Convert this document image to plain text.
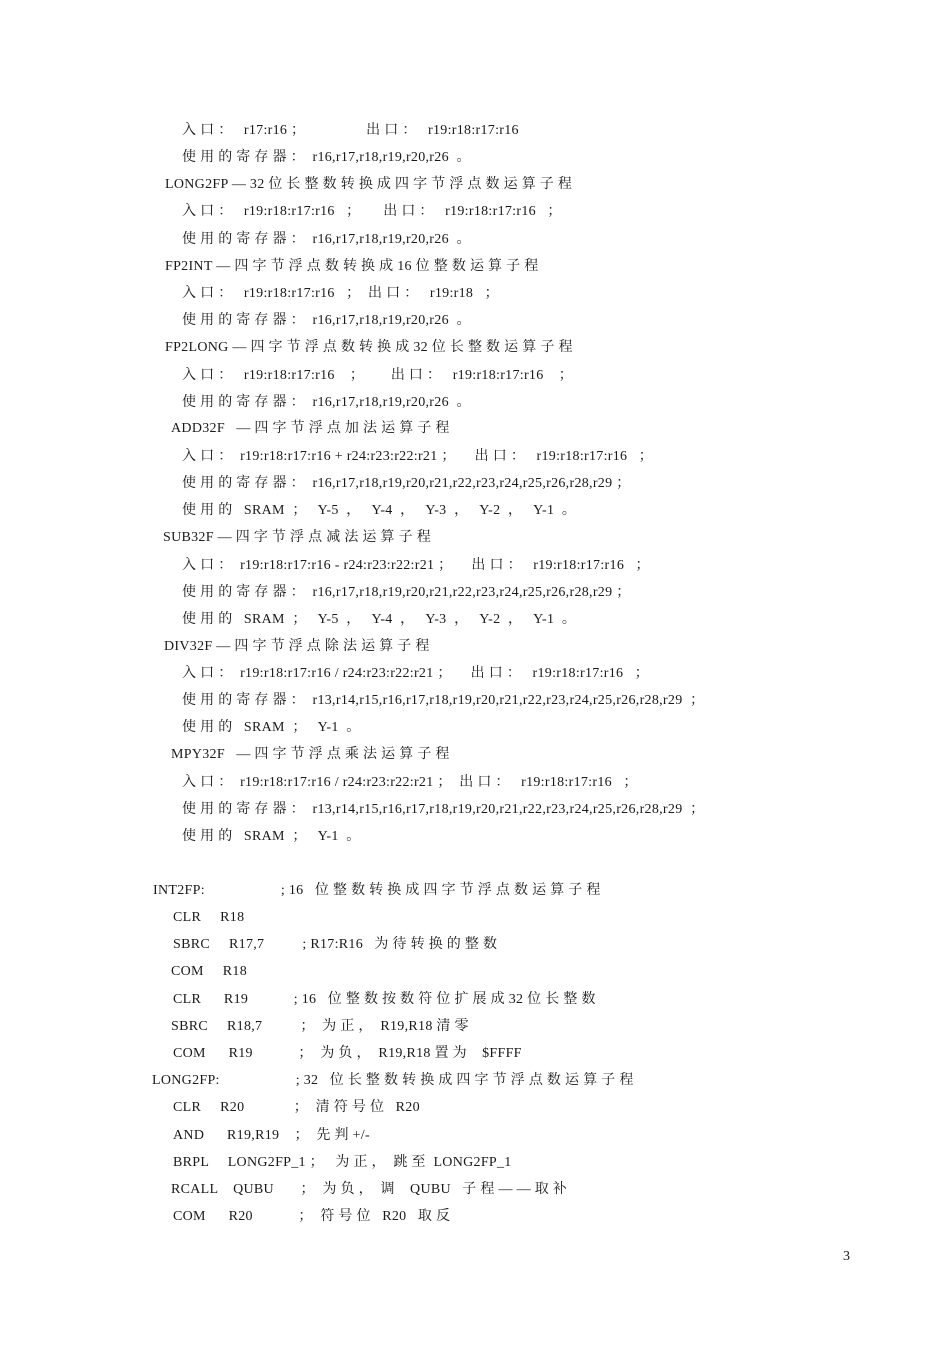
入 口 ：   r17:r16 ；                出 口 ：   r19:r18:r17:r16
使 用 的 寄 存 器 ：  r16,r17,r18,r19,r20,r26  。
LONG2FP — 32 位 长 整 数 转 换 成 四 字 节 浮 点 数 运 算 子 程
入 口 ：   r19:r18:r17:r16   ；      出 口 ：   r19:r18:r17:r16   ；
使 用 的 寄 存 器 ：  r16,r17,r18,r19,r20,r26  。
FP2INT — 四 字 节 浮 点 数 转 换 成 16 位 整 数 运 算 子 程
入 口 ：   r19:r18:r17:r16   ；  出 口 ：   r19:r18   ；
使 用 的 寄 存 器 ：  r16,r17,r18,r19,r20,r26  。
FP2LONG — 四 字 节 浮 点 数 转 换 成 32 位 长 整 数 运 算 子 程
入 口 ：   r19:r18:r17:r16    ；       出 口 ：   r19:r18:r17:r16    ；
使 用 的 寄 存 器 ：  r16,r17,r18,r19,r20,r26  。
ADD32F   — 四 字 节 浮 点 加 法 运 算 子 程
入 口 ：  r19:r18:r17:r16 + r24:r23:r22:r21 ；     出 口 ：   r19:r18:r17:r16   ；
使 用 的 寄 存 器 ：  r16,r17,r18,r19,r20,r21,r22,r23,r24,r25,r26,r28,r29 ；
使 用 的   SRAM  ；   Y-5  ，   Y-4  ，   Y-3  ，   Y-2  ，   Y-1  。
SUB32F — 四 字 节 浮 点 减 法 运 算 子 程
入 口 ：  r19:r18:r17:r16 - r24:r23:r22:r21 ；     出 口 ：   r19:r18:r17:r16   ；
使 用 的 寄 存 器 ：  r16,r17,r18,r19,r20,r21,r22,r23,r24,r25,r26,r28,r29 ；
使 用 的   SRAM  ；   Y-5  ，   Y-4  ，   Y-3  ，   Y-2  ，   Y-1  。
DIV32F — 四 字 节 浮 点 除 法 运 算 子 程
入 口 ：  r19:r18:r17:r16 / r24:r23:r22:r21 ；     出 口 ：   r19:r18:r17:r16   ；
使 用 的 寄 存 器 ：  r13,r14,r15,r16,r17,r18,r19,r20,r21,r22,r23,r24,r25,r26,r28,r29  ；
使 用 的   SRAM  ；   Y-1  。
MPY32F   — 四 字 节 浮 点 乘 法 运 算 子 程
入 口 ：  r19:r18:r17:r16 / r24:r23:r22:r21 ；  出 口 ：   r19:r18:r17:r16   ；
使 用 的 寄 存 器 ：  r13,r14,r15,r16,r17,r18,r19,r20,r21,r22,r23,r24,r25,r26,r28,r29  ；
使 用 的   SRAM  ；   Y-1  。
INT2FP:                    ; 16   位 整 数 转 换 成 四 字 节 浮 点 数 运 算 子 程
CLR     R18
SBRC     R17,7          ; R17:R16   为 待 转 换 的 整 数
COM     R18
CLR      R19            ; 16   位 整 数 按 数 符 位 扩 展 成 32 位 长 整 数
SBRC     R18,7          ；  为 正 ，  R19,R18 清 零
COM      R19            ；  为 负 ，  R19,R18 置 为    $FFFF
LONG2FP:                    ; 32   位 长 整 数 转 换 成 四 字 节 浮 点 数 运 算 子 程
CLR     R20             ；  清 符 号 位   R20
AND      R19,R19    ；  先 判 +/-
BRPL     LONG2FP_1 ；   为 正 ，  跳 至  LONG2FP_1
RCALL    QUBU       ；  为 负 ，  调    QUBU   子 程 — — 取 补
COM      R20            ；  符 号 位   R20   取 反
3
